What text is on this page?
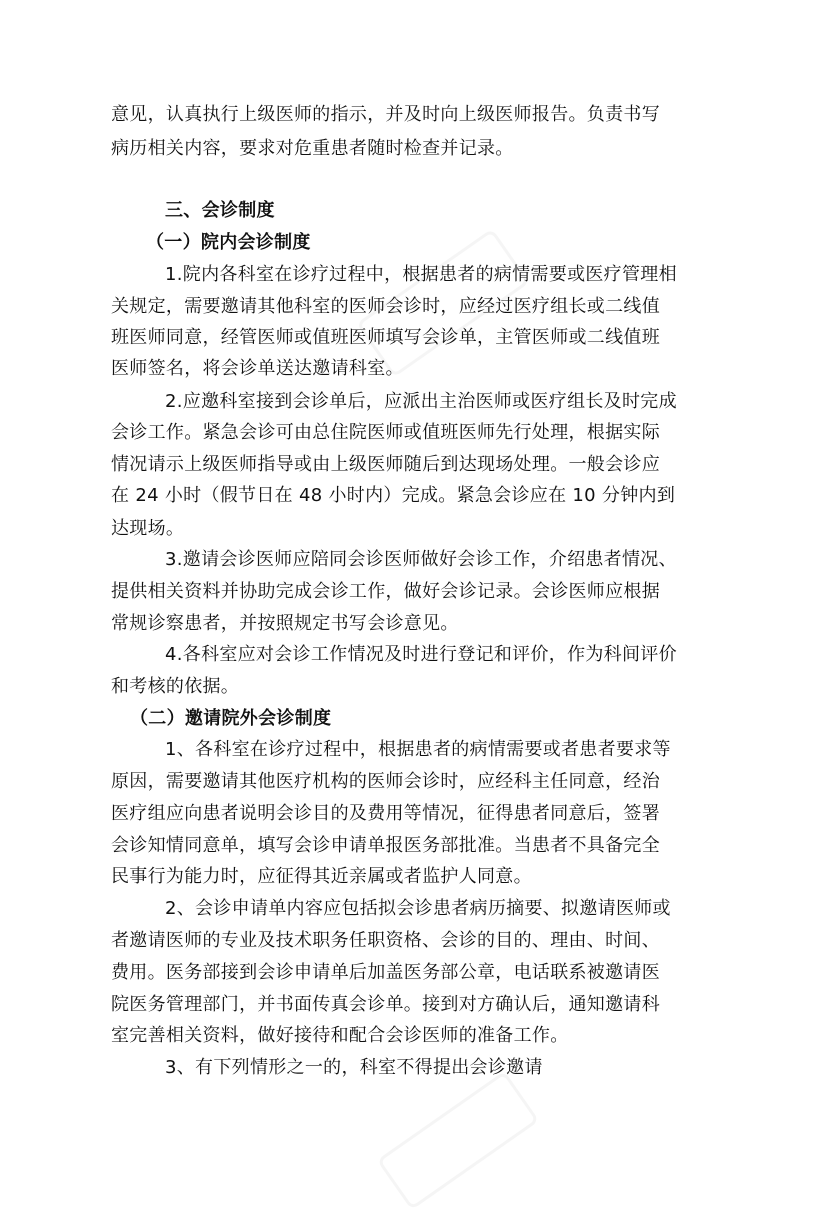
意见，认真执行上级医师的指示，并及时向上级医师报告。负责书写

病历相关内容，要求对危重患者随时检查并记录。

三、会诊制度

（一）院内会诊制度

1.院内各科室在诊疗过程中，根据患者的病情需要或医疗管理相

关规定，需要邀请其他科室的医师会诊时，应经过医疗组长或二线值

班医师同意，经管医师或值班医师填写会诊单，主管医师或二线值班

医师签名，将会诊单送达邀请科室。

2.应邀科室接到会诊单后，应派出主治医师或医疗组长及时完成

会诊工作。紧急会诊可由总住院医师或值班医师先行处理，根据实际

情况请示上级医师指导或由上级医师随后到达现场处理。一般会诊应

在 24 小时（假节日在 48 小时内）完成。紧急会诊应在 10 分钟内到

达现场。

3.邀请会诊医师应陪同会诊医师做好会诊工作，介绍患者情况、

提供相关资料并协助完成会诊工作，做好会诊记录。会诊医师应根据

常规诊察患者，并按照规定书写会诊意见。

4.各科室应对会诊工作情况及时进行登记和评价，作为科间评价

和考核的依据。

（二）邀请院外会诊制度

1、各科室在诊疗过程中，根据患者的病情需要或者患者要求等

原因，需要邀请其他医疗机构的医师会诊时，应经科主任同意，经治

医疗组应向患者说明会诊目的及费用等情况，征得患者同意后，签署

会诊知情同意单，填写会诊申请单报医务部批准。当患者不具备完全

民事行为能力时，应征得其近亲属或者监护人同意。

2、会诊申请单内容应包括拟会诊患者病历摘要、拟邀请医师或

者邀请医师的专业及技术职务任职资格、会诊的目的、理由、时间、

费用。医务部接到会诊申请单后加盖医务部公章，电话联系被邀请医

院医务管理部门，并书面传真会诊单。接到对方确认后，通知邀请科

室完善相关资料，做好接待和配合会诊医师的准备工作。

3、有下列情形之一的，科室不得提出会诊邀请
